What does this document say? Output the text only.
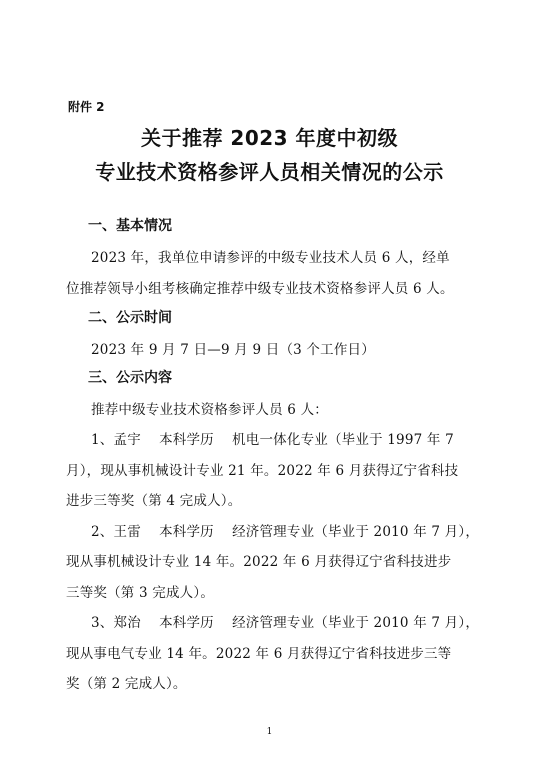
附件 2

关于推荐 2023 年度中初级

专业技术资格参评人员相关情况的公示

一、基本情况

2023 年，我单位申请参评的中级专业技术人员 6 人，经单

位推荐领导小组考核确定推荐中级专业技术资格参评人员 6 人。

二、公示时间

2023 年 9 月 7 日—9 月 9 日（3 个工作日）

三、公示内容

推荐中级专业技术资格参评人员 6 人：

1、孟宇　 本科学历　 机电一体化专业（毕业于 1997 年 7

月），现从事机械设计专业 21 年。2022 年 6 月获得辽宁省科技

进步三等奖（第 4 完成人）。

2、王雷　 本科学历　 经济管理专业（毕业于 2010 年 7 月），

现从事机械设计专业 14 年。2022 年 6 月获得辽宁省科技进步

三等奖（第 3 完成人）。

3、郑治　 本科学历　 经济管理专业（毕业于 2010 年 7 月），

现从事电气专业 14 年。2022 年 6 月获得辽宁省科技进步三等

奖（第 2 完成人）。

1
